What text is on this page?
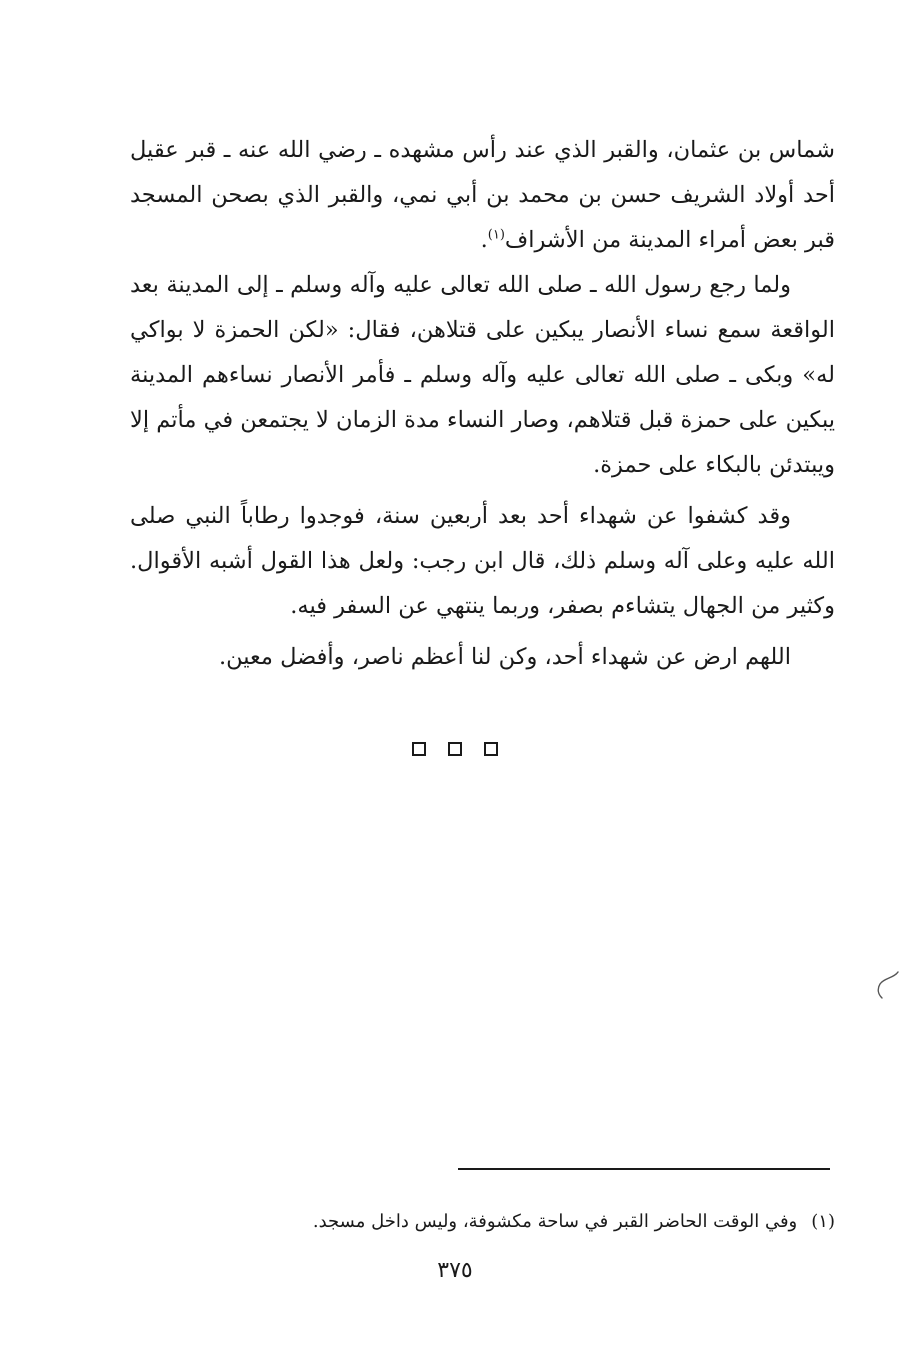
شماس بن عثمان، والقبر الذي عند رأس مشهده ـ رضي الله عنه ـ قبر عقيل أحد أولاد الشريف حسن بن محمد بن أبي نمي، والقبر الذي بصحن المسجد قبر بعض أمراء المدينة من الأشراف$^{(١)}$.

ولما رجع رسول الله ـ صلى الله تعالى عليه وآله وسلم ـ إلى المدينة بعد الواقعة سمع نساء الأنصار يبكين على قتلاهن، فقال: «لكن الحمزة لا بواكي له» وبكى ـ صلى الله تعالى عليه وآله وسلم ـ فأمر الأنصار نساءهم المدينة يبكين على حمزة قبل قتلاهم، وصار النساء مدة الزمان لا يجتمعن في مأتم إلا ويبتدئن بالبكاء على حمزة.

وقد كشفوا عن شهداء أحد بعد أربعين سنة، فوجدوا رطاباً النبي صلى الله عليه وعلى آله وسلم ذلك، قال ابن رجب: ولعل هذا القول أشبه الأقوال. وكثير من الجهال يتشاءم بصفر، وربما ينتهي عن السفر فيه.

اللهم ارض عن شهداء أحد، وكن لنا أعظم ناصر، وأفضل معين.

(١)وفي الوقت الحاضر القبر في ساحة مكشوفة، وليس داخل مسجد.
٣٧٥
